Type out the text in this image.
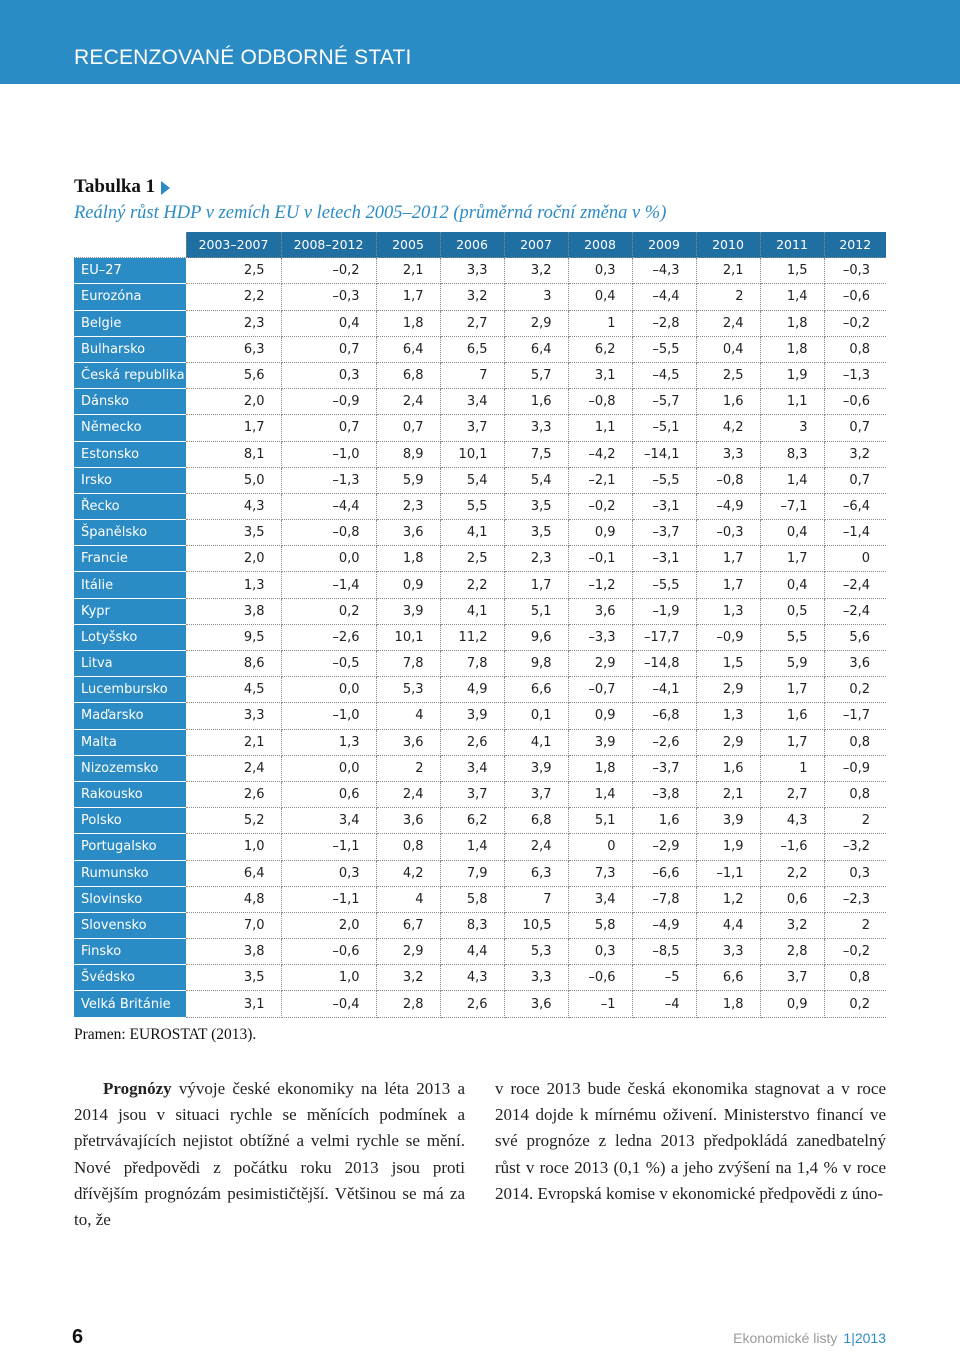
RECENZOVANÉ ODBORNÉ STATI
Tabulka 1
Reálný růst HDP v zemích EU v letech 2005–2012 (průměrná roční změna v %)
	2003–2007	2008–2012	2005	2006	2007	2008	2009	2010	2011	2012
EU–27	2,5	–0,2	2,1	3,3	3,2	0,3	–4,3	2,1	1,5	–0,3
Eurozóna	2,2	–0,3	1,7	3,2	3	0,4	–4,4	2	1,4	–0,6
Belgie	2,3	0,4	1,8	2,7	2,9	1	–2,8	2,4	1,8	–0,2
Bulharsko	6,3	0,7	6,4	6,5	6,4	6,2	–5,5	0,4	1,8	0,8
Česká republika	5,6	0,3	6,8	7	5,7	3,1	–4,5	2,5	1,9	–1,3
Dánsko	2,0	–0,9	2,4	3,4	1,6	–0,8	–5,7	1,6	1,1	–0,6
Německo	1,7	0,7	0,7	3,7	3,3	1,1	–5,1	4,2	3	0,7
Estonsko	8,1	–1,0	8,9	10,1	7,5	–4,2	–14,1	3,3	8,3	3,2
Irsko	5,0	–1,3	5,9	5,4	5,4	–2,1	–5,5	–0,8	1,4	0,7
Řecko	4,3	–4,4	2,3	5,5	3,5	–0,2	–3,1	–4,9	–7,1	–6,4
Španělsko	3,5	–0,8	3,6	4,1	3,5	0,9	–3,7	–0,3	0,4	–1,4
Francie	2,0	0,0	1,8	2,5	2,3	–0,1	–3,1	1,7	1,7	0
Itálie	1,3	–1,4	0,9	2,2	1,7	–1,2	–5,5	1,7	0,4	–2,4
Kypr	3,8	0,2	3,9	4,1	5,1	3,6	–1,9	1,3	0,5	–2,4
Lotyšsko	9,5	–2,6	10,1	11,2	9,6	–3,3	–17,7	–0,9	5,5	5,6
Litva	8,6	–0,5	7,8	7,8	9,8	2,9	–14,8	1,5	5,9	3,6
Lucembursko	4,5	0,0	5,3	4,9	6,6	–0,7	–4,1	2,9	1,7	0,2
Maďarsko	3,3	–1,0	4	3,9	0,1	0,9	–6,8	1,3	1,6	–1,7
Malta	2,1	1,3	3,6	2,6	4,1	3,9	–2,6	2,9	1,7	0,8
Nizozemsko	2,4	0,0	2	3,4	3,9	1,8	–3,7	1,6	1	–0,9
Rakousko	2,6	0,6	2,4	3,7	3,7	1,4	–3,8	2,1	2,7	0,8
Polsko	5,2	3,4	3,6	6,2	6,8	5,1	1,6	3,9	4,3	2
Portugalsko	1,0	–1,1	0,8	1,4	2,4	0	–2,9	1,9	–1,6	–3,2
Rumunsko	6,4	0,3	4,2	7,9	6,3	7,3	–6,6	–1,1	2,2	0,3
Slovinsko	4,8	–1,1	4	5,8	7	3,4	–7,8	1,2	0,6	–2,3
Slovensko	7,0	2,0	6,7	8,3	10,5	5,8	–4,9	4,4	3,2	2
Finsko	3,8	–0,6	2,9	4,4	5,3	0,3	–8,5	3,3	2,8	–0,2
Švédsko	3,5	1,0	3,2	4,3	3,3	–0,6	–5	6,6	3,7	0,8
Velká Británie	3,1	–0,4	2,8	2,6	3,6	–1	–4	1,8	0,9	0,2
Pramen: EUROSTAT (2013).
Prognózy vývoje české ekonomiky na léta 2013 a 2014 jsou v situaci rychle se měnících podmínek a přetrvávajících nejistot obtížné a velmi rychle se mění. Nové předpovědi z počátku roku 2013 jsou proti dřívějším prognózám pesimističtější. Většinou se má za to, že
v roce 2013 bude česká ekonomika stagnovat a v roce 2014 dojde k mírnému oživení. Ministerstvo financí ve své prognóze z ledna 2013 předpokládá zanedbatelný růst v roce 2013 (0,1 %) a jeho zvýšení na 1,4 % v roce 2014. Evropská komise v ekonomické předpovědi z úno-
6	Ekonomické listy 1|2013
